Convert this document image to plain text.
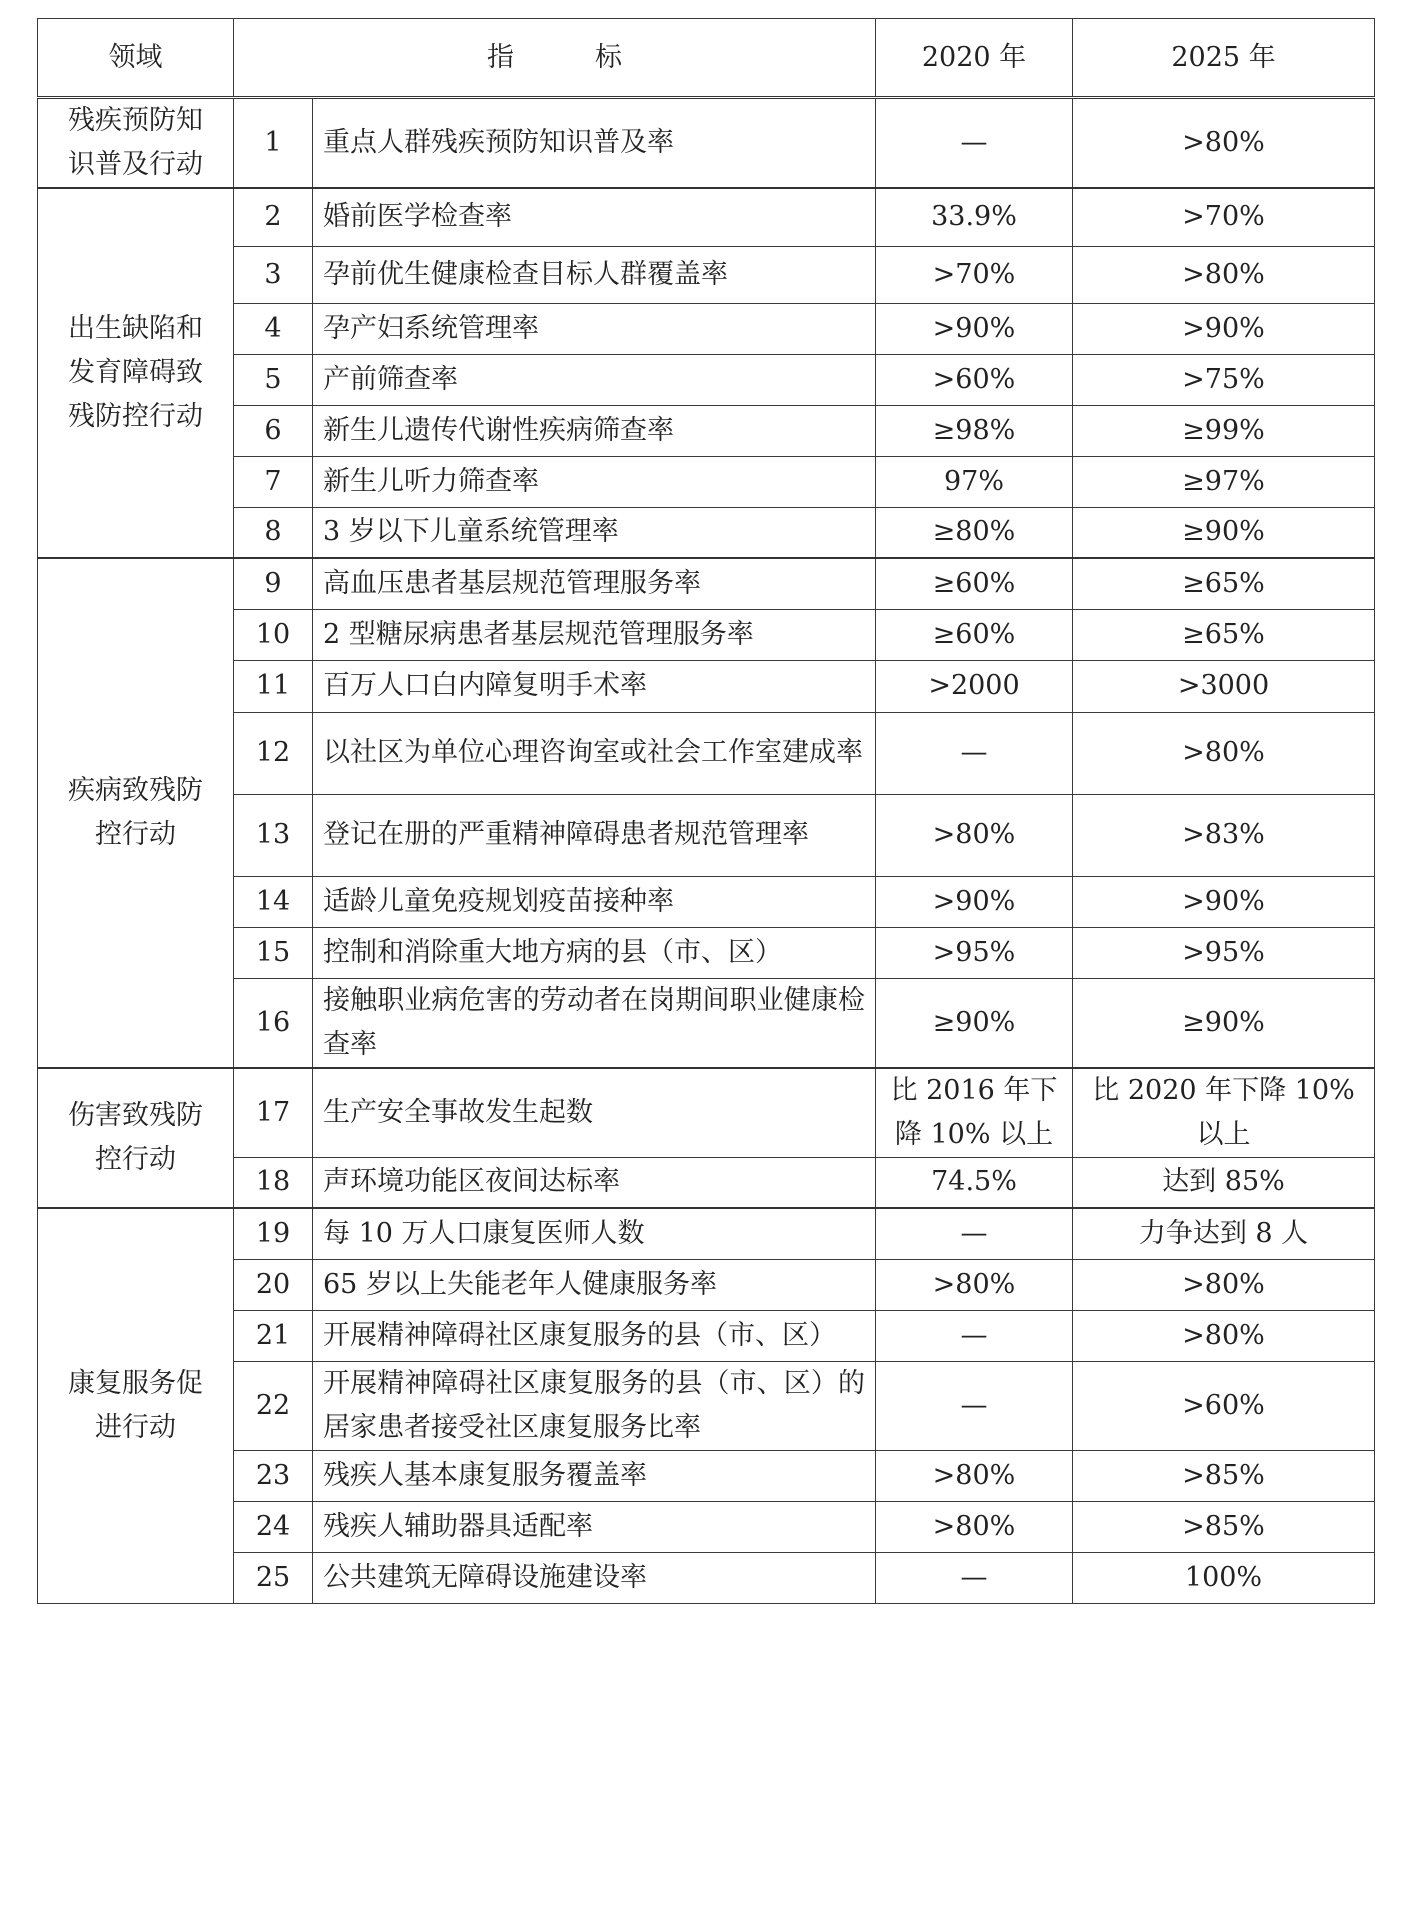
领域	指　　　标		2020 年	2025 年
残疾预防知识普及行动	1	重点人群残疾预防知识普及率	—	>80%
出生缺陷和发育障碍致残防控行动	2	婚前医学检查率	33.9%	>70%
	3	孕前优生健康检查目标人群覆盖率	>70%	>80%
	4	孕产妇系统管理率	>90%	>90%
	5	产前筛查率	>60%	>75%
	6	新生儿遗传代谢性疾病筛查率	≥98%	≥99%
	7	新生儿听力筛查率	97%	≥97%
	8	3 岁以下儿童系统管理率	≥80%	≥90%
疾病致残防控行动	9	高血压患者基层规范管理服务率	≥60%	≥65%
	10	2 型糖尿病患者基层规范管理服务率	≥60%	≥65%
	11	百万人口白内障复明手术率	>2000	>3000
	12	以社区为单位心理咨询室或社会工作室建成率	—	>80%
	13	登记在册的严重精神障碍患者规范管理率	>80%	>83%
	14	适龄儿童免疫规划疫苗接种率	>90%	>90%
	15	控制和消除重大地方病的县（市、区）	>95%	>95%
	16	接触职业病危害的劳动者在岗期间职业健康检查率	≥90%	≥90%
伤害致残防控行动	17	生产安全事故发生起数	比 2016 年下降 10% 以上	比 2020 年下降 10% 以上
	18	声环境功能区夜间达标率	74.5%	达到 85%
康复服务促进行动	19	每 10 万人口康复医师人数	—	力争达到 8 人
	20	65 岁以上失能老年人健康服务率	>80%	>80%
	21	开展精神障碍社区康复服务的县（市、区）	—	>80%
	22	开展精神障碍社区康复服务的县（市、区）的居家患者接受社区康复服务比率	—	>60%
	23	残疾人基本康复服务覆盖率	>80%	>85%
	24	残疾人辅助器具适配率	>80%	>85%
	25	公共建筑无障碍设施建设率	—	100%
